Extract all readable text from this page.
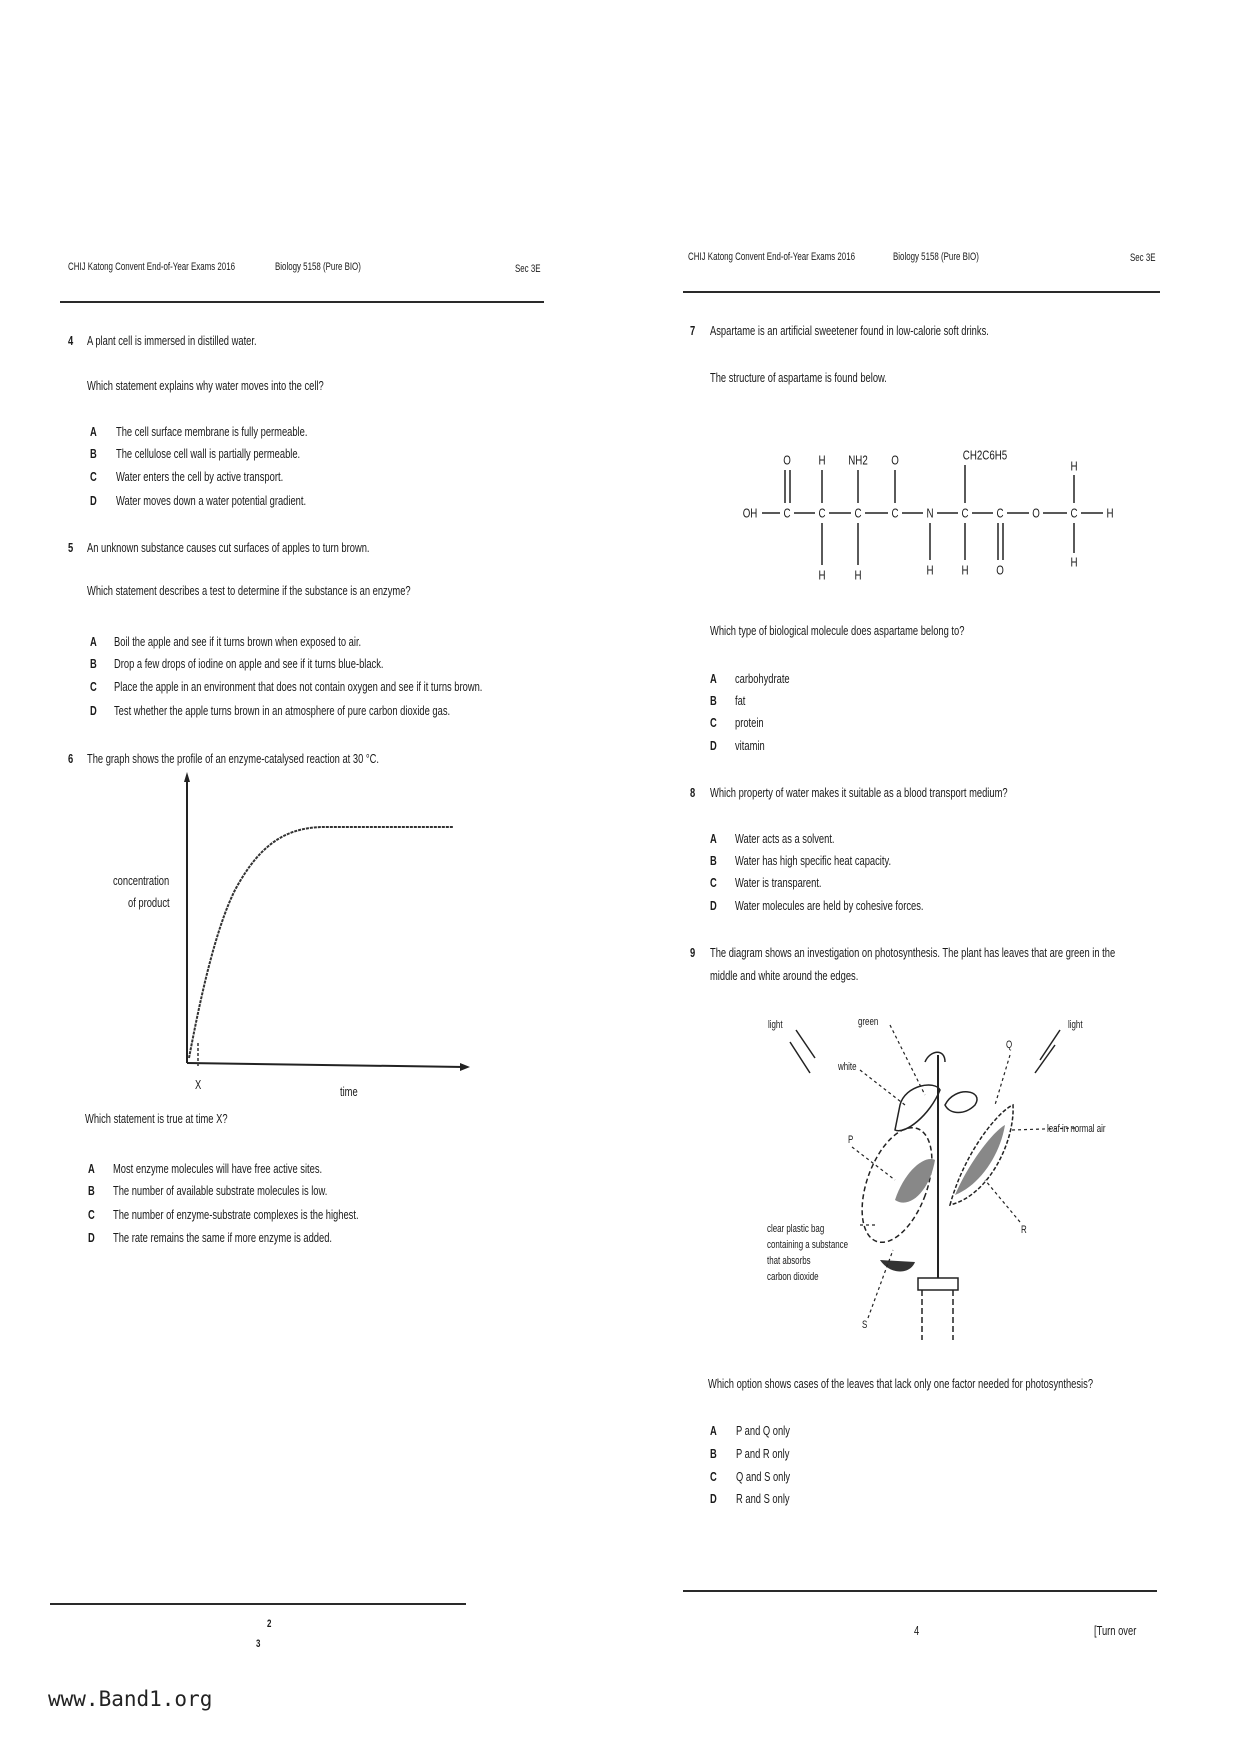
CHIJ Katong Convent End-of-Year Exams 2016	Biology 5158 (Pure BIO)	Sec 3E
4 A plant cell is immersed in distilled water.
Which statement explains why water moves into the cell?
A The cell surface membrane is fully permeable.
B The cellulose cell wall is partially permeable.
C Water enters the cell by active transport.
D Water moves down a water potential gradient.
5 An unknown substance causes cut surfaces of apples to turn brown.
Which statement describes a test to determine if the substance is an enzyme?
A Boil the apple and see if it turns brown when exposed to air.
B Drop a few drops of iodine on apple and see if it turns blue-black.
C Place the apple in an environment that does not contain oxygen and see if it turns brown.
D Test whether the apple turns brown in an atmosphere of pure carbon dioxide gas.
6 The graph shows the profile of an enzyme-catalysed reaction at 30 °C.
concentration
of product
X	time
Which statement is true at time X?
A Most enzyme molecules will have free active sites.
B The number of available substrate molecules is low.
C The number of enzyme-substrate complexes is the highest.
D The rate remains the same if more enzyme is added.
2
3
CHIJ Katong Convent End-of-Year Exams 2016	Biology 5158 (Pure BIO)	Sec 3E
7 Aspartame is an artificial sweetener found in low-calorie soft drinks.
The structure of aspartame is found below.
OH C C C C N C C O C H
O H NH2 O	CH2C6H5
H
H H	H H O
H
Which type of biological molecule does aspartame belong to?
A carbohydrate
B fat
C protein
D vitamin
8 Which property of water makes it suitable as a blood transport medium?
A Water acts as a solvent.
B Water has high specific heat capacity.
C Water is transparent.
D Water molecules are held by cohesive forces.
9 The diagram shows an investigation on photosynthesis. The plant has leaves that are green in the
middle and white around the edges.
light	green
white
Q
light
leaf in normal air
P
R
clear plastic bag
containing a substance
that absorbs
carbon dioxide
S
Which option shows cases of the leaves that lack only one factor needed for photosynthesis?
A P and Q only
B P and R only
C Q and S only
D R and S only
4	[Turn over
www.Band1.org
